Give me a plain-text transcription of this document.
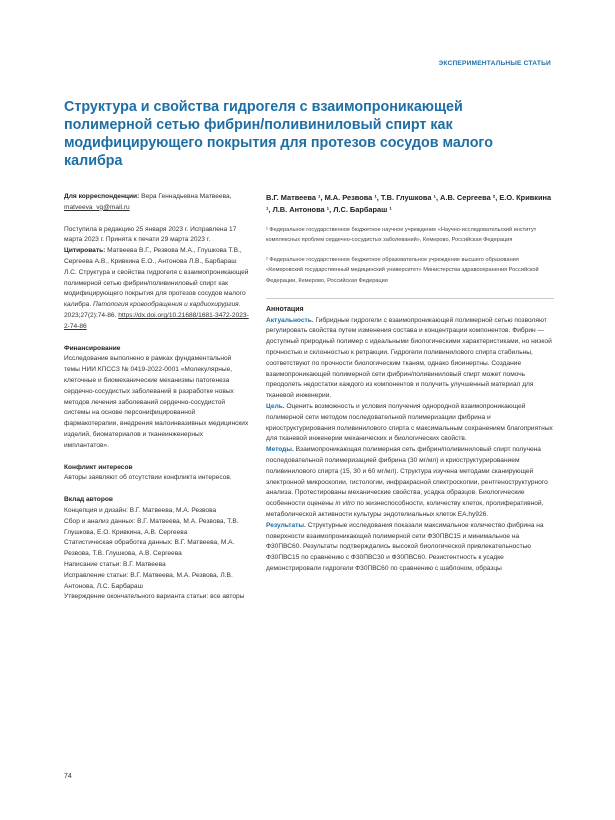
ЭКСПЕРИМЕНТАЛЬНЫЕ СТАТЬИ
Структура и свойства гидрогеля с взаимопроникающей полимерной сетью фибрин/поливиниловый спирт как модифицирующего покрытия для протезов сосудов малого калибра
Для корреспонденции: Вера Геннадьевна Матвеева, matveeva_vg@mail.ru

Поступила в редакцию 25 января 2023 г. Исправлена 17 марта 2023 г. Принята к печати 29 марта 2023 г.

Цитировать: Матвеева В.Г., Резвова М.А., Глушкова Т.В., Сергеева А.В., Кривкина Е.О., Антонова Л.В., Барбараш Л.С. Структура и свойства гидрогеля с взаимопроникающей полимерной сетью фибрин/поливиниловый спирт как модифицирующего покрытия для протезов сосудов малого калибра. Патология кровообращения и кардиохирургия. 2023;27(2):74-86. https://dx.doi.org/10.21688/1681-3472-2023-2-74-86

Финансирование

Исследование выполнено в рамках фундаментальной темы НИИ КПССЗ № 0419-2022-0001 «Молекулярные, клеточные и биомеханические механизмы патогенеза сердечно-сосудистых заболеваний в разработке новых методов лечения заболеваний сердечно-сосудистой системы на основе персонифицированной фармакотерапии, внедрения малоинвазивных медицинских изделий, биоматериалов и тканеинженерных имплантатов».

Конфликт интересов

Авторы заявляют об отсутствии конфликта интересов.

Вклад авторов

Концепция и дизайн: В.Г. Матвеева, М.А. Резвова

Сбор и анализ данных: В.Г. Матвеева, М.А. Резвова, Т.В. Глушкова, Е.О. Кривкина, А.В. Сергеева

Статистическая обработка данных: В.Г. Матвеева, М.А. Резвова, Т.В. Глушкова, А.В. Сергеева

Написание статьи: В.Г. Матвеева

Исправление статьи: В.Г. Матвеева, М.А. Резвова, Л.В. Антонова, Л.С. Барбараш

Утверждение окончательного варианта статьи: все авторы

В.Г. Матвеева ¹, М.А. Резвова ¹, Т.В. Глушкова ¹, А.В. Сергеева ², Е.О. Кривкина ¹, Л.В. Антонова ¹, Л.С. Барбараш ¹

¹ Федеральное государственное бюджетное научное учреждение «Научно-исследовательский институт комплексных проблем сердечно-сосудистых заболеваний», Кемерово, Российская Федерация

² Федеральное государственное бюджетное образовательное учреждение высшего образования «Кемеровский государственный медицинский университет» Министерства здравоохранения Российской Федерации, Кемерово, Российская Федерация

Аннотация

Актуальность. Гибридные гидрогели с взаимопроникающей полимерной сетью позволяют регулировать свойства путем изменения состава и концентрации компонентов. Фибрин — доступный природный полимер с идеальными биологическими характеристиками, но низкой прочностью и склонностью к ретракции. Гидрогели поливинилового спирта стабильны, соответствуют по прочности биологическим тканям, однако биоинертны. Создание взаимопроникающей полимерной сети фибрин/поливиниловый спирт может помочь преодолеть недостатки каждого из компонентов и получить улучшенный материал для тканевой инженерии.

Цель. Оценить возможность и условия получения однородной взаимопроникающей полимерной сети методом последовательной полимеризации фибрина и криоструктурирования поливинилового спирта с максимальным сохранением благоприятных для тканевой инженерии механических и биологических свойств.

Методы. Взаимопроникающая полимерная сеть фибрин/поливиниловый спирт получена последовательной полимеризацией фибрина (30 мг/мл) и криоструктурированием поливинилового спирта (15, 30 и 60 мг/мл). Структура изучена методами сканирующей электронной микроскопии, гистологии, инфракрасной спектроскопии, рентгеноструктурного анализа. Протестированы механические свойства, усадка образцов. Биологические особенности оценены in vitro по жизнеспособности, количеству клеток, пролиферативной, метаболической активности культуры эндотелиальных клеток EA.hy926.

Результаты. Структурные исследования показали максимальное количество фибрина на поверхности взаимопроникающей полимерной сети Ф30ПВС15 и минимальное на Ф30ПВС60. Результаты подтверждались высокой биологической привлекательностью Ф30ПВС15 по сравнению с Ф30ПВС30 и Ф30ПВС60. Резистентность к усадке демонстрировали гидрогели Ф30ПВС60 по сравнению с шаблоном, образцы

74
